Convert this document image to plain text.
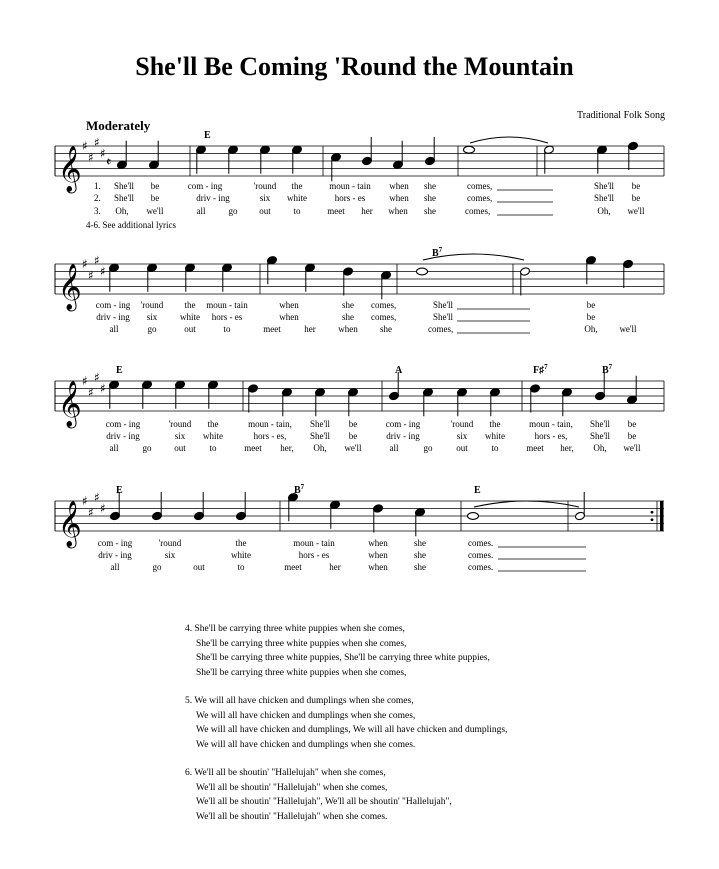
She'll Be Coming 'Round the Mountain
Traditional Folk Song
Moderately
𝄞 ♯
♯
♯
♯
𝄵
𝄞 ♯
♯
♯
♯
𝄞 ♯
♯
♯
♯
𝄞 ♯
♯
♯
♯
E
$B^7$
E	A	F♯$^7$	$B^7$
E	$B^7$	E
She'll be	com - ing	'round the	moun - tain when she	comes,	She'll be
1.
She'll be	driv - ing	six white	hors - es	when she	comes,	She'll be
2.
Oh, we'll	all	go out	to	meet her when she	comes,	Oh, we'll
3.
com - ing 'round the moun - tain	when	she comes,	She'll	be
driv - ing six	white hors - es	when	she comes,	She'll	be
all	go	out	to	meet	her	when she	comes,	Oh, we'll
com - ing	'round the	moun - tain, She'll be	com - ing	'round the	moun - tain, She'll be
driv - ing	six white	hors - es,	She'll be	driv - ing	six white	hors - es,	She'll be
all	go	out	to	meet her, Oh, we'll	all	go	out	to	meet her, Oh, we'll
com - ing	'round	the	moun - tain	when	she	comes.
driv - ing	six	white	hors - es	when	she	comes.
all	go	out	to	meet	her	when	she	comes.
4-6. See additional lyrics
4. She'll be carrying three white puppies when she comes,
She'll be carrying three white puppies when she comes,
She'll be carrying three white puppies, She'll be carrying three white puppies,
She'll be carrying three white puppies when she comes,
5. We will all have chicken and dumplings when she comes,
We will all have chicken and dumplings when she comes,
We will all have chicken and dumplings, We will all have chicken and dumplings,
We will all have chicken and dumplings when she comes.
6. We'll all be shoutin' "Hallelujah" when she comes,
We'll all be shoutin' "Hallelujah" when she comes,
We'll all be shoutin' "Hallelujah", We'll all be shoutin' "Hallelujah",
We'll all be shoutin' "Hallelujah" when she comes.
